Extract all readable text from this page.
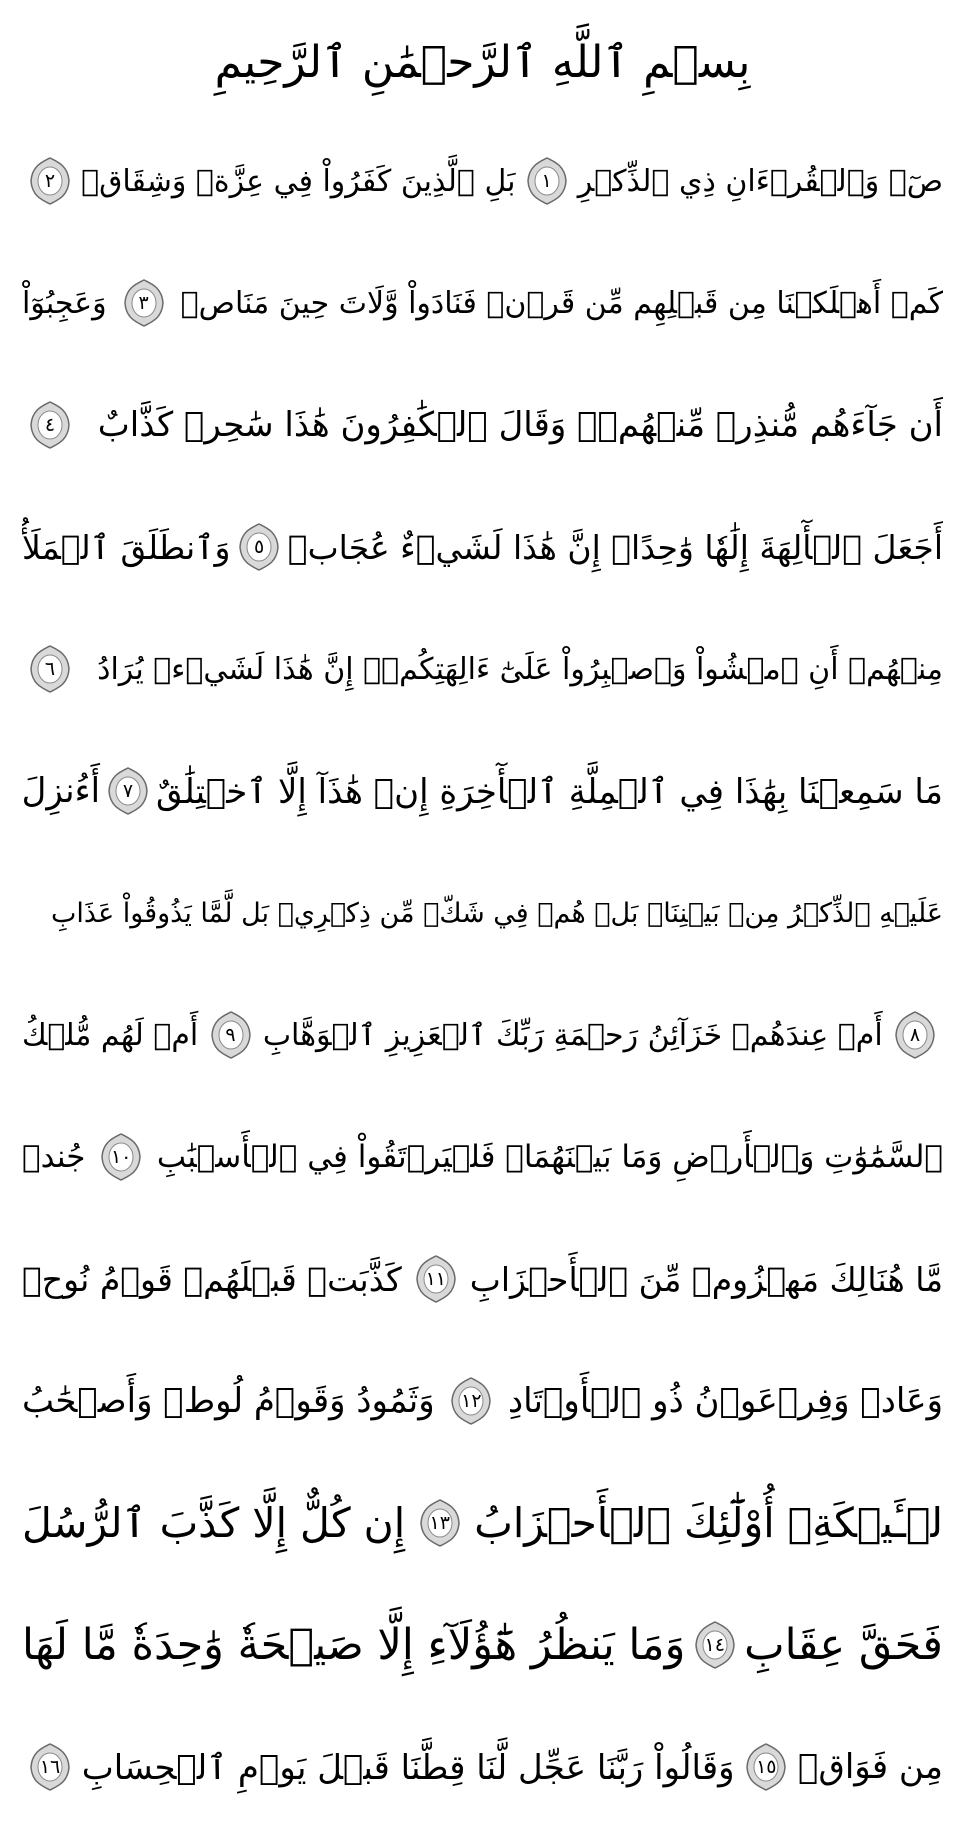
بِسۡمِ ٱللَّهِ ٱلرَّحۡمَٰنِ ٱلرَّحِيمِ
صٓۚ وَٱلۡقُرۡءَانِ ذِي ٱلذِّكۡرِ
١
بَلِ ٱلَّذِينَ كَفَرُواْ فِي عِزَّةٖ وَشِقَاقٖ
٢
كَمۡ أَهۡلَكۡنَا مِن قَبۡلِهِم مِّن قَرۡنٖ فَنَادَواْ وَّلَاتَ حِينَ مَنَاصٖ
٣
وَعَجِبُوٓاْ
أَن جَآءَهُم مُّنذِرٞ مِّنۡهُمۡۖ وَقَالَ ٱلۡكَٰفِرُونَ هَٰذَا سَٰحِرٞ كَذَّابٌ
٤
أَجَعَلَ ٱلۡأٓلِهَةَ إِلَٰهٗا وَٰحِدًاۖ إِنَّ هَٰذَا لَشَيۡءٌ عُجَابٞ
٥
وَٱنطَلَقَ ٱلۡمَلَأُ
مِنۡهُمۡ أَنِ ٱمۡشُواْ وَٱصۡبِرُواْ عَلَىٰٓ ءَالِهَتِكُمۡۖ إِنَّ هَٰذَا لَشَيۡءٞ يُرَادُ
٦
مَا سَمِعۡنَا بِهَٰذَا فِي ٱلۡمِلَّةِ ٱلۡأٓخِرَةِ إِنۡ هَٰذَآ إِلَّا ٱخۡتِلَٰقٌ
٧
أَءُنزِلَ
عَلَيۡهِ ٱلذِّكۡرُ مِنۢ بَيۡنِنَاۚ بَلۡ هُمۡ فِي شَكّٖ مِّن ذِكۡرِيۚ بَل لَّمَّا يَذُوقُواْ عَذَابِ
٨
أَمۡ عِندَهُمۡ خَزَآئِنُ رَحۡمَةِ رَبِّكَ ٱلۡعَزِيزِ ٱلۡوَهَّابِ
٩
أَمۡ لَهُم مُّلۡكُ
ٱلسَّمَٰوَٰتِ وَٱلۡأَرۡضِ وَمَا بَيۡنَهُمَاۖ فَلۡيَرۡتَقُواْ فِي ٱلۡأَسۡبَٰبِ
١٠
جُندٞ
مَّا هُنَالِكَ مَهۡزُومٞ مِّنَ ٱلۡأَحۡزَابِ
١١
كَذَّبَتۡ قَبۡلَهُمۡ قَوۡمُ نُوحٖ
وَعَادٞ وَفِرۡعَوۡنُ ذُو ٱلۡأَوۡتَادِ
١٢
وَثَمُودُ وَقَوۡمُ لُوطٖ وَأَصۡحَٰبُ
لۡـَٔيۡكَةِۚ أُوْلَٰٓئِكَ ٱلۡأَحۡزَابُ
١٣
إِن كُلٌّ إِلَّا كَذَّبَ ٱلرُّسُلَ
فَحَقَّ عِقَابِ
١٤
وَمَا يَنظُرُ هَٰٓؤُلَآءِ إِلَّا صَيۡحَةٗ وَٰحِدَةٗ مَّا لَهَا
مِن فَوَاقٖ
١٥
وَقَالُواْ رَبَّنَا عَجِّل لَّنَا قِطَّنَا قَبۡلَ يَوۡمِ ٱلۡحِسَابِ
١٦
